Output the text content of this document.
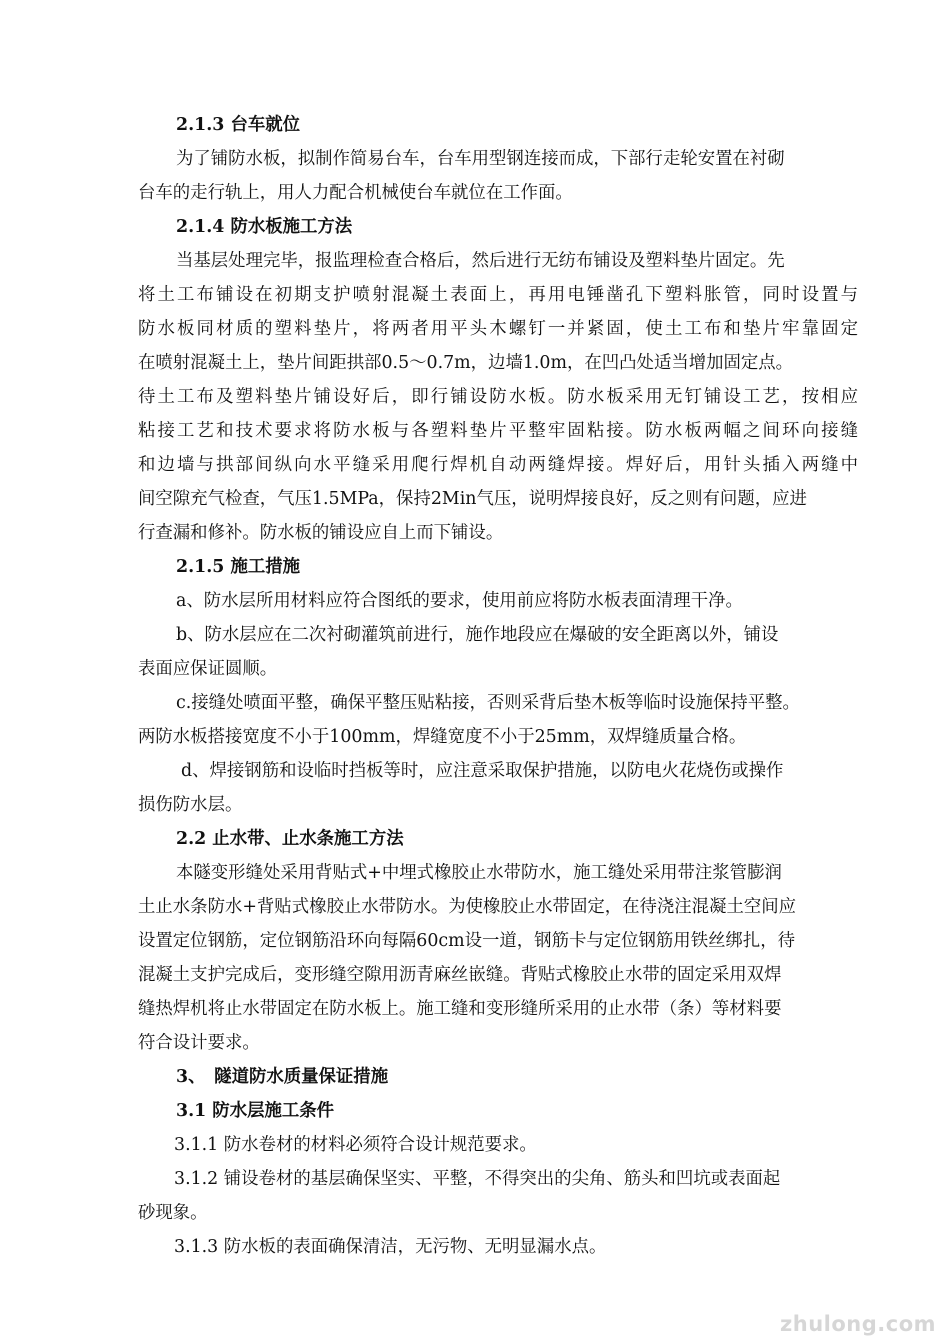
2.1.3 台车就位
为了铺防水板，拟制作简易台车，台车用型钢连接而成，下部行走轮安置在衬砌
台车的走行轨上，用人力配合机械使台车就位在工作面。
2.1.4 防水板施工方法
当基层处理完毕，报监理检查合格后，然后进行无纺布铺设及塑料垫片固定。先
将土工布铺设在初期支护喷射混凝土表面上，再用电锤凿孔下塑料胀管，同时设置与
防水板同材质的塑料垫片，将两者用平头木螺钉一并紧固，使土工布和垫片牢靠固定
在喷射混凝土上，垫片间距拱部0.5～0.7m，边墙1.0m，在凹凸处适当增加固定点。
待土工布及塑料垫片铺设好后，即行铺设防水板。防水板采用无钉铺设工艺，按相应
粘接工艺和技术要求将防水板与各塑料垫片平整牢固粘接。防水板两幅之间环向接缝
和边墙与拱部间纵向水平缝采用爬行焊机自动两缝焊接。焊好后，用针头插入两缝中
间空隙充气检查，气压1.5MPa，保持2Min气压，说明焊接良好，反之则有问题，应进
行查漏和修补。防水板的铺设应自上而下铺设。
2.1.5 施工措施
a、防水层所用材料应符合图纸的要求，使用前应将防水板表面清理干净。
b、防水层应在二次衬砌灌筑前进行，施作地段应在爆破的安全距离以外，铺设
表面应保证圆顺。
c.接缝处喷面平整，确保平整压贴粘接，否则采背后垫木板等临时设施保持平整。
两防水板搭接宽度不小于100mm，焊缝宽度不小于25mm，双焊缝质量合格。
d、焊接钢筋和设临时挡板等时，应注意采取保护措施，以防电火花烧伤或操作
损伤防水层。
2.2 止水带、止水条施工方法
本隧变形缝处采用背贴式+中埋式橡胶止水带防水，施工缝处采用带注浆管膨润
土止水条防水+背贴式橡胶止水带防水。为使橡胶止水带固定，在待浇注混凝土空间应
设置定位钢筋，定位钢筋沿环向每隔60cm设一道，钢筋卡与定位钢筋用铁丝绑扎，待
混凝土支护完成后，变形缝空隙用沥青麻丝嵌缝。背贴式橡胶止水带的固定采用双焊
缝热焊机将止水带固定在防水板上。施工缝和变形缝所采用的止水带（条）等材料要
符合设计要求。
3、　隧道防水质量保证措施
3.1 防水层施工条件
3.1.1 防水卷材的材料必须符合设计规范要求。
3.1.2 铺设卷材的基层确保坚实、平整，不得突出的尖角、筋头和凹坑或表面起
砂现象。
3.1.3 防水板的表面确保清洁，无污物、无明显漏水点。
zhulong.com
